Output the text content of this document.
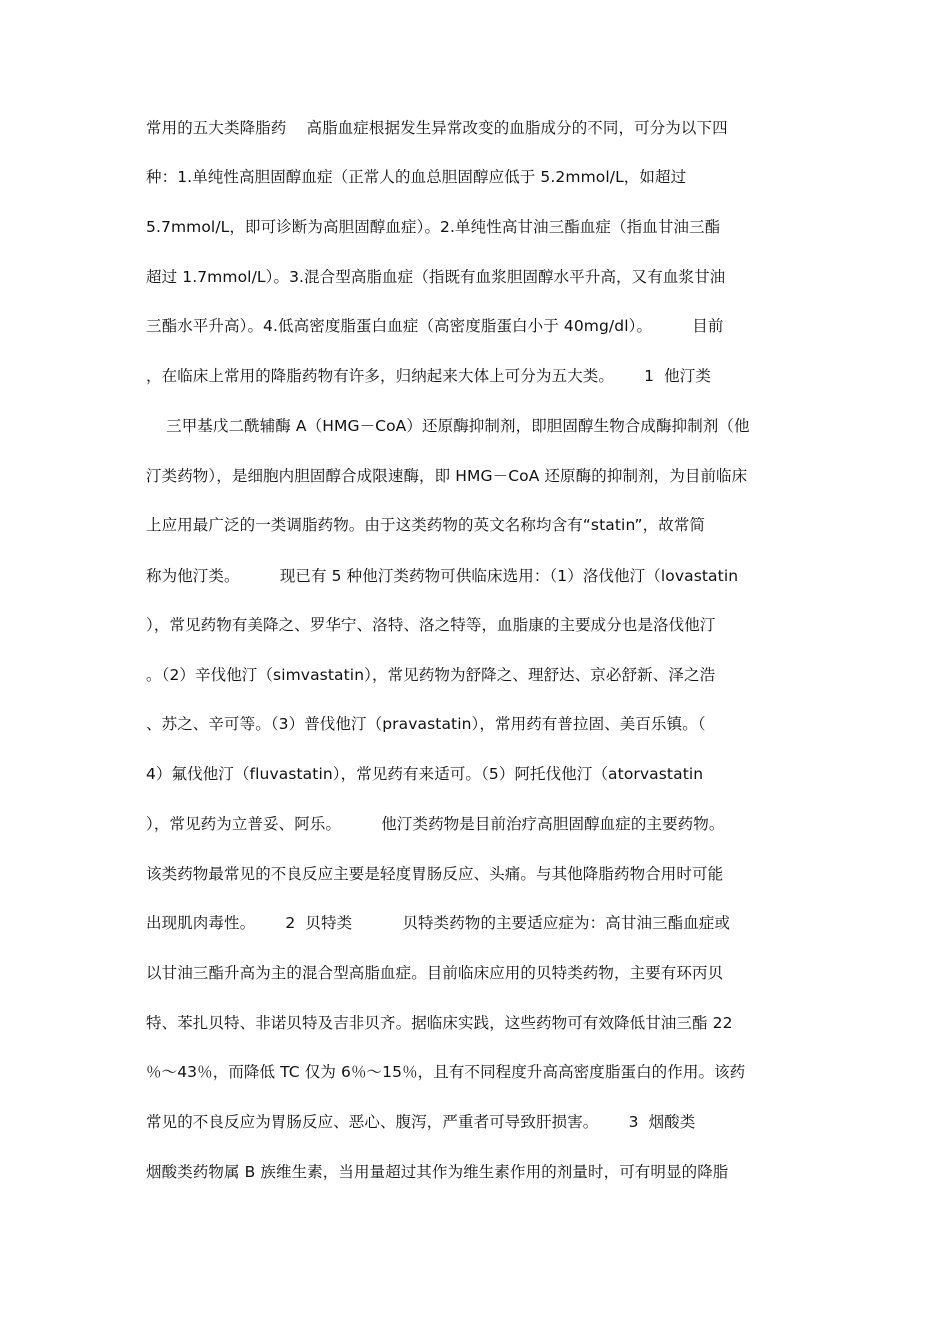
常用的五大类降脂药    高脂血症根据发生异常改变的血脂成分的不同，可分为以下四
种：1.单纯性高胆固醇血症（正常人的血总胆固醇应低于 5.2mmol/L，如超过
5.7mmol/L，即可诊断为高胆固醇血症）。2.单纯性高甘油三酯血症（指血甘油三酯
超过 1.7mmol/L）。3.混合型高脂血症（指既有血浆胆固醇水平升高，又有血浆甘油
三酯水平升高）。4.低高密度脂蛋白血症（高密度脂蛋白小于 40mg/dl）。        目前
，在临床上常用的降脂药物有许多，归纳起来大体上可分为五大类。      1  他汀类
三甲基戊二酰辅酶 A（HMG－CoA）还原酶抑制剂，即胆固醇生物合成酶抑制剂（他
汀类药物），是细胞内胆固醇合成限速酶，即 HMG－CoA 还原酶的抑制剂，为目前临床
上应用最广泛的一类调脂药物。由于这类药物的英文名称均含有“statin”，故常简
称为他汀类。        现已有 5 种他汀类药物可供临床选用：（1）洛伐他汀（lovastatin
），常见药物有美降之、罗华宁、洛特、洛之特等，血脂康的主要成分也是洛伐他汀
。（2）辛伐他汀（simvastatin），常见药物为舒降之、理舒达、京必舒新、泽之浩
、苏之、辛可等。（3）普伐他汀（pravastatin），常用药有普拉固、美百乐镇。（
4）氟伐他汀（fluvastatin），常见药有来适可。（5）阿托伐他汀（atorvastatin
），常见药为立普妥、阿乐。        他汀类药物是目前治疗高胆固醇血症的主要药物。
该类药物最常见的不良反应主要是轻度胃肠反应、头痛。与其他降脂药物合用时可能
出现肌肉毒性。      2  贝特类          贝特类药物的主要适应症为：高甘油三酯血症或
以甘油三酯升高为主的混合型高脂血症。目前临床应用的贝特类药物，主要有环丙贝
特、苯扎贝特、非诺贝特及吉非贝齐。据临床实践，这些药物可有效降低甘油三酯 22
％～43％，而降低 TC 仅为 6％～15％，且有不同程度升高高密度脂蛋白的作用。该药
常见的不良反应为胃肠反应、恶心、腹泻，严重者可导致肝损害。      3  烟酸类
烟酸类药物属 B 族维生素，当用量超过其作为维生素作用的剂量时，可有明显的降脂
